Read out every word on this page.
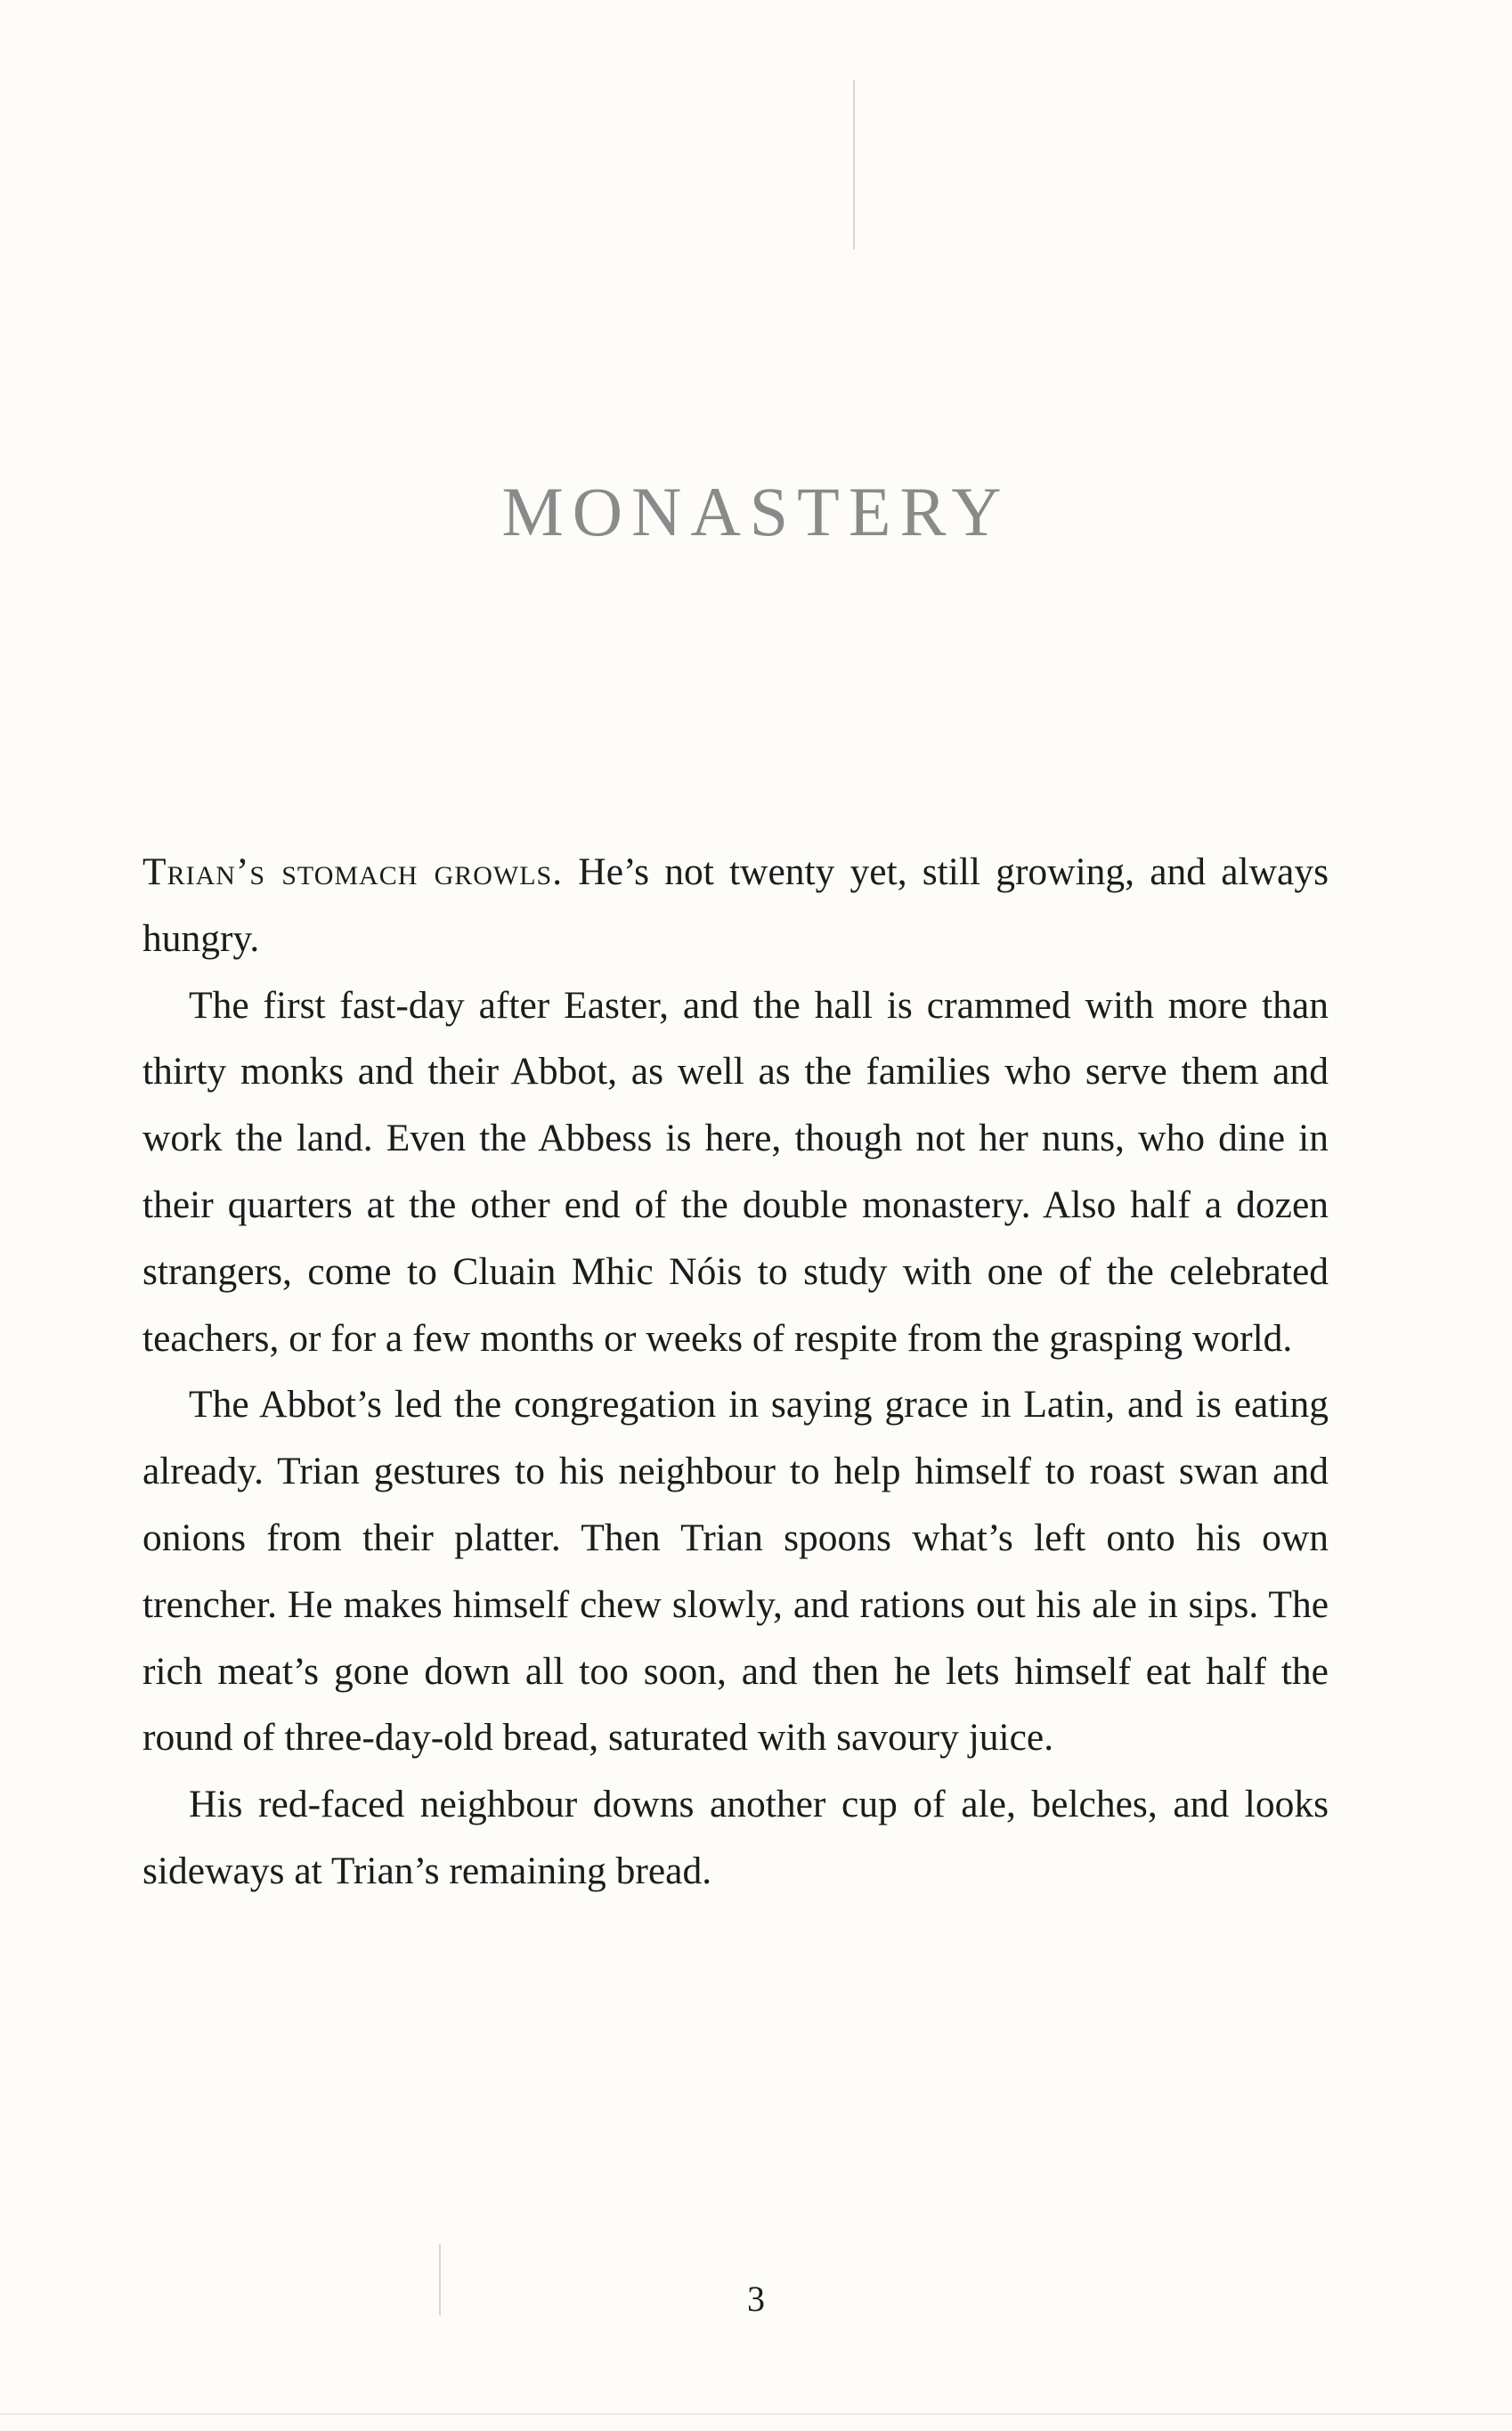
MONASTERY

Trian’s stomach growls. He’s not twenty yet, still growing, and always hungry.

The first fast-day after Easter, and the hall is crammed with more than thirty monks and their Abbot, as well as the families who serve them and work the land. Even the Abbess is here, though not her nuns, who dine in their quarters at the other end of the double monastery. Also half a dozen strangers, come to Cluain Mhic Nóis to study with one of the celebrated teachers, or for a few months or weeks of respite from the grasping world.

The Abbot’s led the congregation in saying grace in Latin, and is eating already. Trian gestures to his neighbour to help himself to roast swan and onions from their platter. Then Trian spoons what’s left onto his own trencher. He makes himself chew slowly, and rations out his ale in sips. The rich meat’s gone down all too soon, and then he lets himself eat half the round of three-day-old bread, saturated with savoury juice.

His red-faced neighbour downs another cup of ale, belches, and looks sideways at Trian’s remaining bread.

3
